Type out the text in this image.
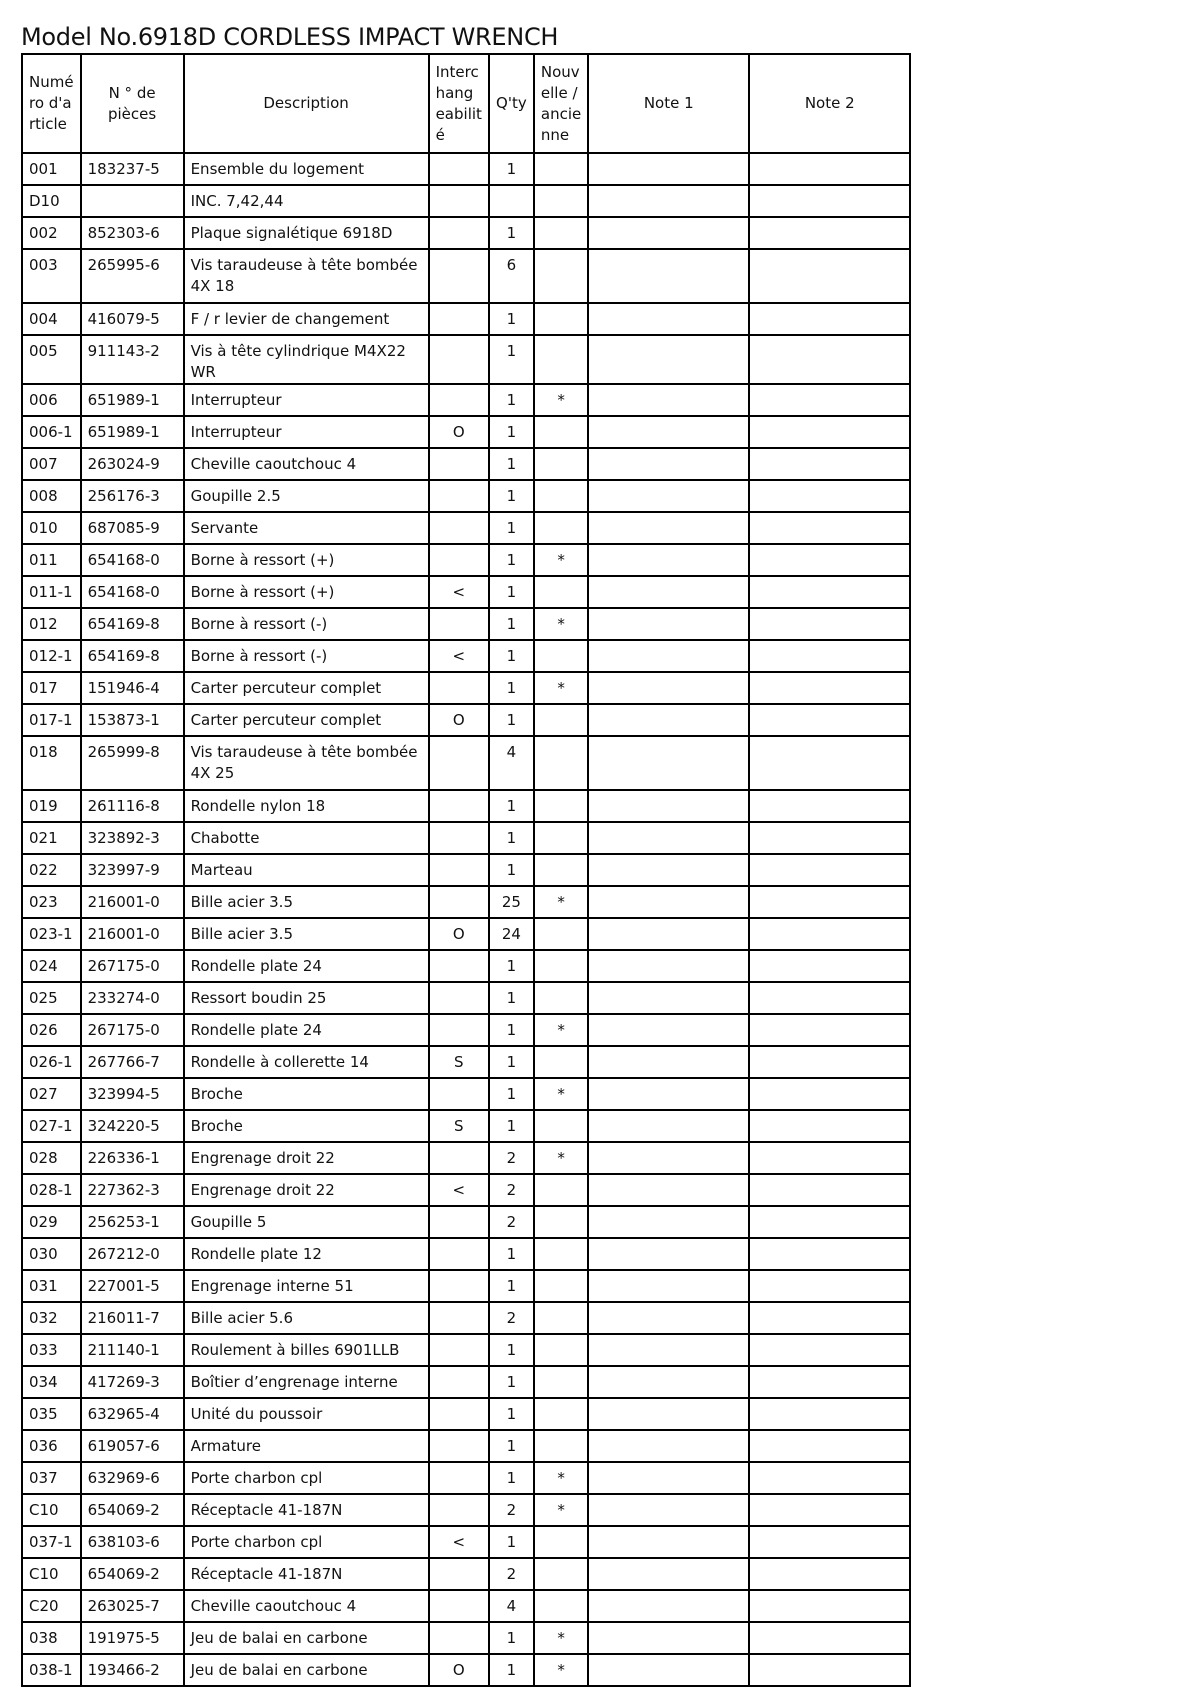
Model No.6918D CORDLESS IMPACT WRENCH
Numé ro d'a rticle	N ° de pièces	Description	Interc hang eabilit é	Q'ty	Nouv elle / ancie nne	Note 1	Note 2
001	183237-5	Ensemble du logement		1			
D10		INC. 7,42,44					
002	852303-6	Plaque signalétique 6918D		1			
003	265995-6	Vis taraudeuse à tête bombée 4X 18		6			
004	416079-5	F / r levier de changement		1			
005	911143-2	Vis à tête cylindrique M4X22 WR		1			
006	651989-1	Interrupteur		1	*		
006-1	651989-1	Interrupteur	O	1			
007	263024-9	Cheville caoutchouc 4		1			
008	256176-3	Goupille 2.5		1			
010	687085-9	Servante		1			
011	654168-0	Borne à ressort (+)		1	*		
011-1	654168-0	Borne à ressort (+)	<	1			
012	654169-8	Borne à ressort (-)		1	*		
012-1	654169-8	Borne à ressort (-)	<	1			
017	151946-4	Carter percuteur complet		1	*		
017-1	153873-1	Carter percuteur complet	O	1			
018	265999-8	Vis taraudeuse à tête bombée 4X 25		4			
019	261116-8	Rondelle nylon 18		1			
021	323892-3	Chabotte		1			
022	323997-9	Marteau		1			
023	216001-0	Bille acier 3.5		25	*		
023-1	216001-0	Bille acier 3.5	O	24			
024	267175-0	Rondelle plate 24		1			
025	233274-0	Ressort boudin 25		1			
026	267175-0	Rondelle plate 24		1	*		
026-1	267766-7	Rondelle à collerette 14	S	1			
027	323994-5	Broche		1	*		
027-1	324220-5	Broche	S	1			
028	226336-1	Engrenage droit 22		2	*		
028-1	227362-3	Engrenage droit 22	<	2			
029	256253-1	Goupille 5		2			
030	267212-0	Rondelle plate 12		1			
031	227001-5	Engrenage interne 51		1			
032	216011-7	Bille acier 5.6		2			
033	211140-1	Roulement à billes 6901LLB		1			
034	417269-3	Boîtier d’engrenage interne		1			
035	632965-4	Unité du poussoir		1			
036	619057-6	Armature		1			
037	632969-6	Porte charbon cpl		1	*		
C10	654069-2	Réceptacle 41-187N		2	*		
037-1	638103-6	Porte charbon cpl	<	1			
C10	654069-2	Réceptacle 41-187N		2			
C20	263025-7	Cheville caoutchouc 4		4			
038	191975-5	Jeu de balai en carbone		1	*		
038-1	193466-2	Jeu de balai en carbone	O	1	*		
